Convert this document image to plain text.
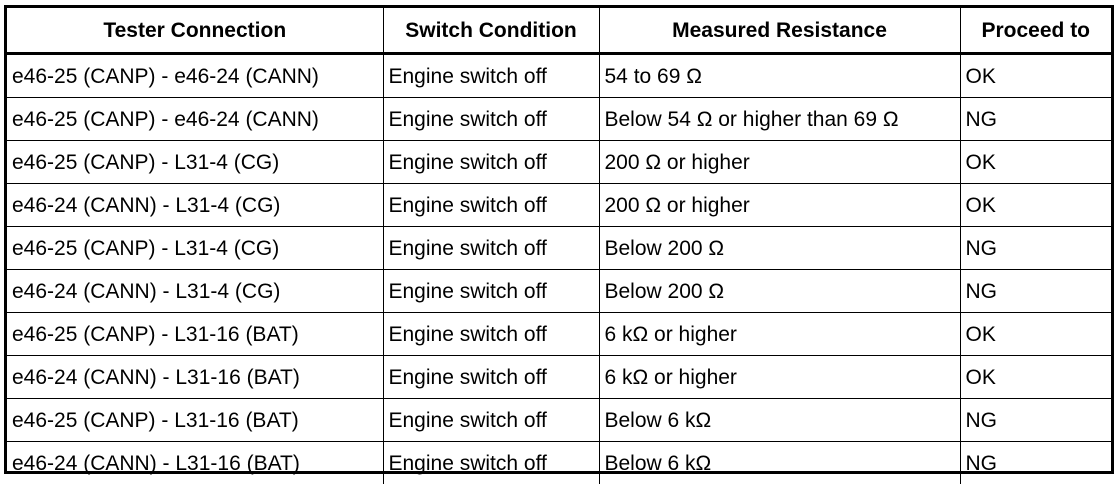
Tester Connection	Switch Condition	Measured Resistance	Proceed to
e46-25 (CANP) - e46-24 (CANN)	Engine switch off	54 to 69 Ω	OK
e46-25 (CANP) - e46-24 (CANN)	Engine switch off	Below 54 Ω or higher than 69 Ω	NG
e46-25 (CANP) - L31-4 (CG)	Engine switch off	200 Ω or higher	OK
e46-24 (CANN) - L31-4 (CG)	Engine switch off	200 Ω or higher	OK
e46-25 (CANP) - L31-4 (CG)	Engine switch off	Below 200 Ω	NG
e46-24 (CANN) - L31-4 (CG)	Engine switch off	Below 200 Ω	NG
e46-25 (CANP) - L31-16 (BAT)	Engine switch off	6 kΩ or higher	OK
e46-24 (CANN) - L31-16 (BAT)	Engine switch off	6 kΩ or higher	OK
e46-25 (CANP) - L31-16 (BAT)	Engine switch off	Below 6 kΩ	NG
e46-24 (CANN) - L31-16 (BAT)	Engine switch off	Below 6 kΩ	NG
